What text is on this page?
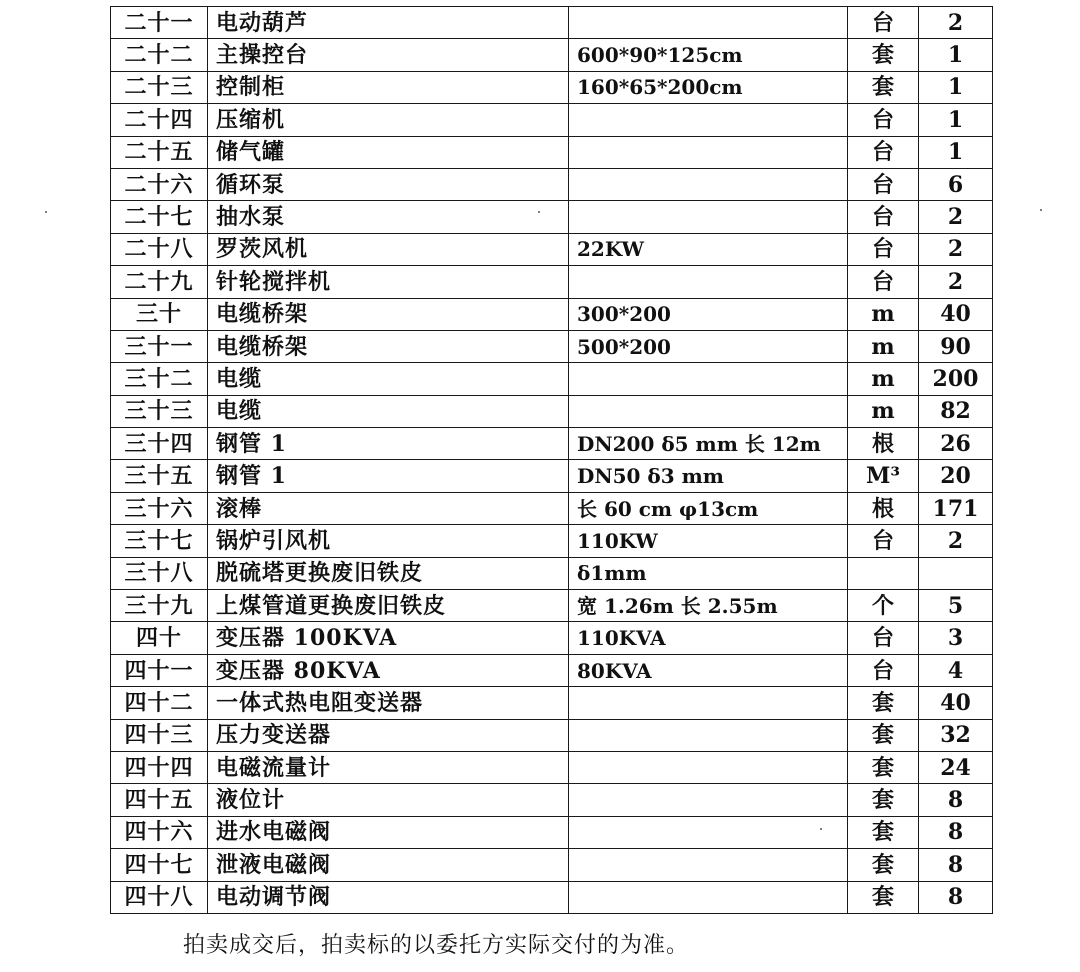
二十一	电动葫芦		台	2
二十二	主操控台	600*90*125cm	套	1
二十三	控制柜	160*65*200cm	套	1
二十四	压缩机		台	1
二十五	储气罐		台	1
二十六	循环泵		台	6
二十七	抽水泵		台	2
二十八	罗茨风机	22KW	台	2
二十九	针轮搅拌机		台	2
三十	电缆桥架	300*200	m	40
三十一	电缆桥架	500*200	m	90
三十二	电缆		m	200
三十三	电缆		m	82
三十四	钢管 1	DN200 δ5 mm 长 12m	根	26
三十五	钢管 1	DN50 δ3 mm	M³	20
三十六	滚棒	长 60 cm φ13cm	根	171
三十七	锅炉引风机	110KW	台	2
三十八	脱硫塔更换废旧铁皮	δ1mm		
三十九	上煤管道更换废旧铁皮	宽 1.26m 长 2.55m	个	5
四十	变压器 100KVA	110KVA	台	3
四十一	变压器 80KVA	80KVA	台	4
四十二	一体式热电阻变送器		套	40
四十三	压力变送器		套	32
四十四	电磁流量计		套	24
四十五	液位计		套	8
四十六	进水电磁阀		套	8
四十七	泄液电磁阀		套	8
四十八	电动调节阀		套	8
拍卖成交后，拍卖标的以委托方实际交付的为准。
